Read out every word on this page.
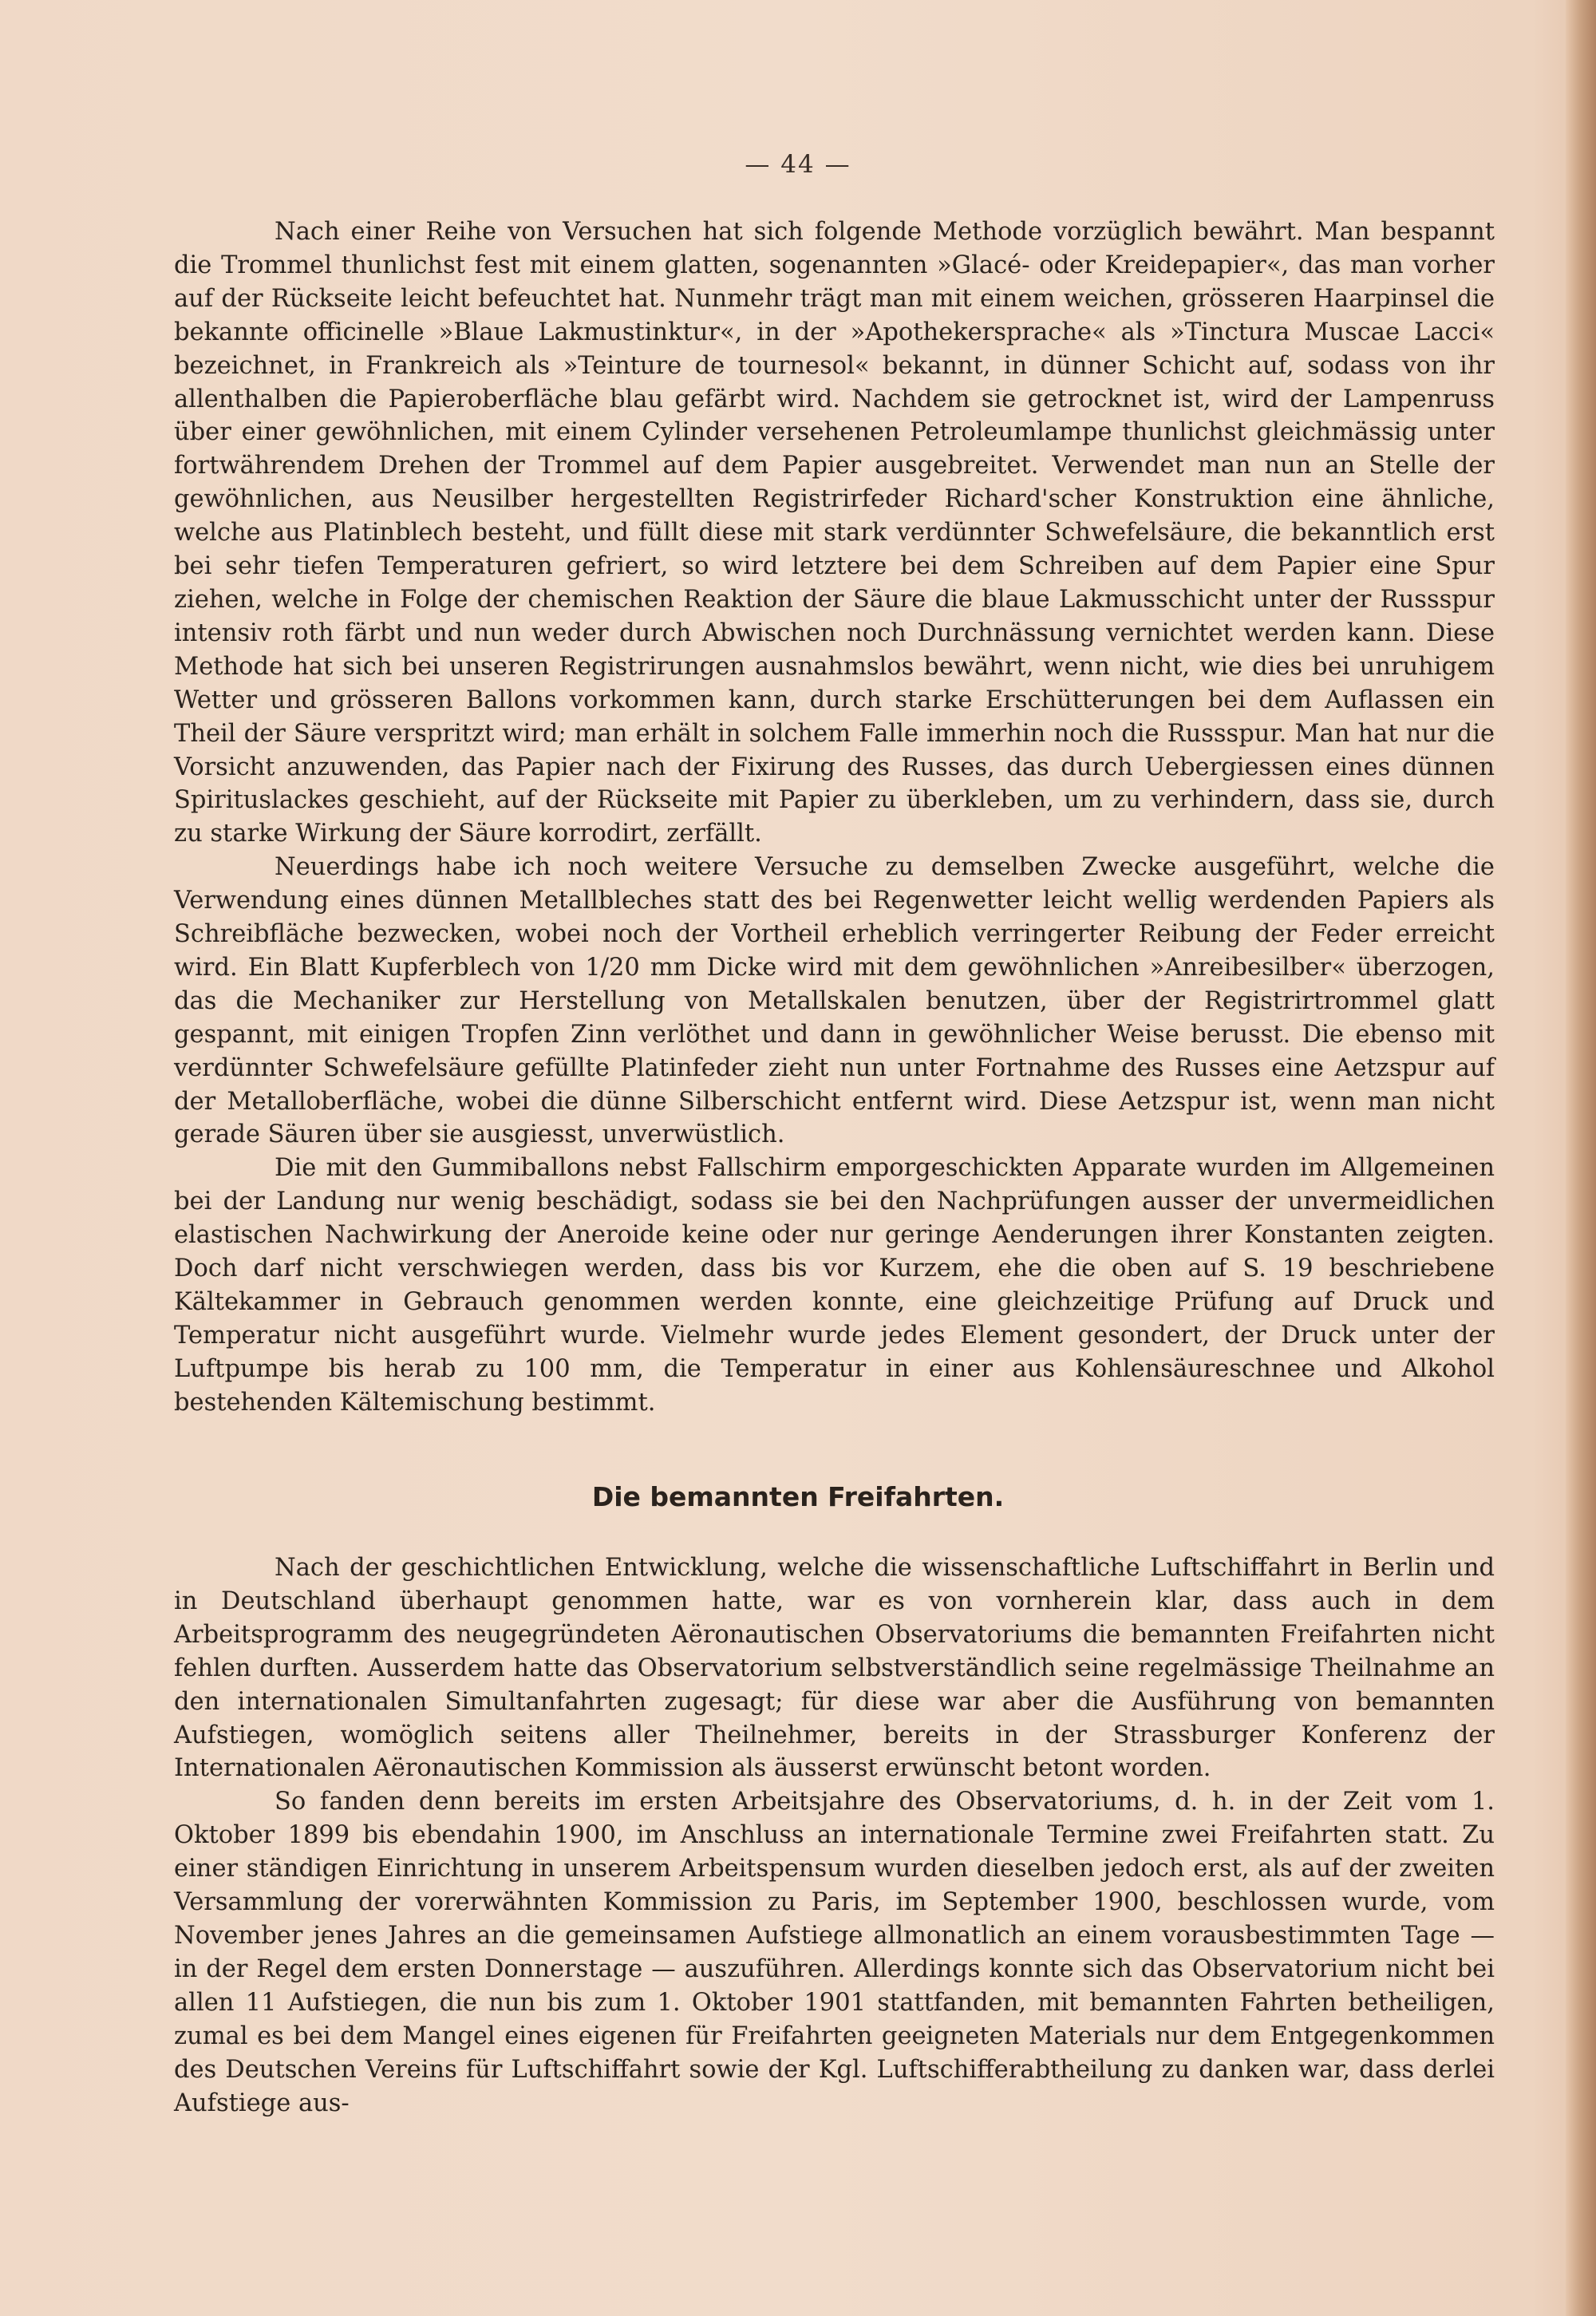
— 44 —

Nach einer Reihe von Versuchen hat sich folgende Methode vorzüglich bewährt. Man bespannt die Trommel thunlichst fest mit einem glatten, sogenannten »Glacé- oder Kreidepapier«, das man vorher auf der Rückseite leicht befeuchtet hat. Nunmehr trägt man mit einem weichen, grösseren Haarpinsel die bekannte officinelle »Blaue Lakmustinktur«, in der »Apothekersprache« als »Tinctura Muscae Lacci« bezeichnet, in Frankreich als »Teinture de tournesol« bekannt, in dünner Schicht auf, sodass von ihr allenthalben die Papieroberfläche blau gefärbt wird. Nachdem sie getrocknet ist, wird der Lampenruss über einer gewöhnlichen, mit einem Cylinder versehenen Petroleumlampe thunlichst gleichmässig unter fortwährendem Drehen der Trommel auf dem Papier ausgebreitet. Verwendet man nun an Stelle der gewöhnlichen, aus Neusilber hergestellten Registrirfeder Richard'scher Konstruktion eine ähnliche, welche aus Platinblech besteht, und füllt diese mit stark verdünnter Schwefelsäure, die bekanntlich erst bei sehr tiefen Temperaturen gefriert, so wird letztere bei dem Schreiben auf dem Papier eine Spur ziehen, welche in Folge der chemischen Reaktion der Säure die blaue Lakmusschicht unter der Russspur intensiv roth färbt und nun weder durch Abwischen noch Durchnässung vernichtet werden kann. Diese Methode hat sich bei unseren Registrirungen ausnahmslos bewährt, wenn nicht, wie dies bei unruhigem Wetter und grösseren Ballons vorkommen kann, durch starke Erschütterungen bei dem Auflassen ein Theil der Säure verspritzt wird; man erhält in solchem Falle immerhin noch die Russspur. Man hat nur die Vorsicht anzuwenden, das Papier nach der Fixirung des Russes, das durch Uebergiessen eines dünnen Spirituslackes geschieht, auf der Rückseite mit Papier zu überkleben, um zu verhindern, dass sie, durch zu starke Wirkung der Säure korrodirt, zerfällt.

Neuerdings habe ich noch weitere Versuche zu demselben Zwecke ausgeführt, welche die Verwendung eines dünnen Metallbleches statt des bei Regenwetter leicht wellig werdenden Papiers als Schreibfläche bezwecken, wobei noch der Vortheil erheblich verringerter Reibung der Feder erreicht wird. Ein Blatt Kupferblech von 1/20 mm Dicke wird mit dem gewöhnlichen »Anreibesilber« überzogen, das die Mechaniker zur Herstellung von Metallskalen benutzen, über der Registrirtrommel glatt gespannt, mit einigen Tropfen Zinn verlöthet und dann in gewöhnlicher Weise berusst. Die ebenso mit verdünnter Schwefelsäure gefüllte Platinfeder zieht nun unter Fortnahme des Russes eine Aetzspur auf der Metalloberfläche, wobei die dünne Silberschicht entfernt wird. Diese Aetzspur ist, wenn man nicht gerade Säuren über sie ausgiesst, unverwüstlich.

Die mit den Gummiballons nebst Fallschirm emporgeschickten Apparate wurden im Allgemeinen bei der Landung nur wenig beschädigt, sodass sie bei den Nachprüfungen ausser der unvermeidlichen elastischen Nachwirkung der Aneroide keine oder nur geringe Aenderungen ihrer Konstanten zeigten. Doch darf nicht verschwiegen werden, dass bis vor Kurzem, ehe die oben auf S. 19 beschriebene Kältekammer in Gebrauch genommen werden konnte, eine gleichzeitige Prüfung auf Druck und Temperatur nicht ausgeführt wurde. Vielmehr wurde jedes Element gesondert, der Druck unter der Luftpumpe bis herab zu 100 mm, die Temperatur in einer aus Kohlensäureschnee und Alkohol bestehenden Kältemischung bestimmt.

Die bemannten Freifahrten.

Nach der geschichtlichen Entwicklung, welche die wissenschaftliche Luftschiffahrt in Berlin und in Deutschland überhaupt genommen hatte, war es von vornherein klar, dass auch in dem Arbeitsprogramm des neugegründeten Aëronautischen Observatoriums die bemannten Freifahrten nicht fehlen durften. Ausserdem hatte das Observatorium selbstverständlich seine regelmässige Theilnahme an den internationalen Simultanfahrten zugesagt; für diese war aber die Ausführung von bemannten Aufstiegen, womöglich seitens aller Theilnehmer, bereits in der Strassburger Konferenz der Internationalen Aëronautischen Kommission als äusserst erwünscht betont worden.

So fanden denn bereits im ersten Arbeitsjahre des Observatoriums, d. h. in der Zeit vom 1. Oktober 1899 bis ebendahin 1900, im Anschluss an internationale Termine zwei Freifahrten statt. Zu einer ständigen Einrichtung in unserem Arbeitspensum wurden dieselben jedoch erst, als auf der zweiten Versammlung der vorerwähnten Kommission zu Paris, im September 1900, beschlossen wurde, vom November jenes Jahres an die gemeinsamen Aufstiege allmonatlich an einem vorausbestimmten Tage — in der Regel dem ersten Donnerstage — auszuführen. Allerdings konnte sich das Observatorium nicht bei allen 11 Aufstiegen, die nun bis zum 1. Oktober 1901 stattfanden, mit bemannten Fahrten betheiligen, zumal es bei dem Mangel eines eigenen für Freifahrten geeigneten Materials nur dem Entgegenkommen des Deutschen Vereins für Luftschiffahrt sowie der Kgl. Luftschifferabtheilung zu danken war, dass derlei Aufstiege aus-
